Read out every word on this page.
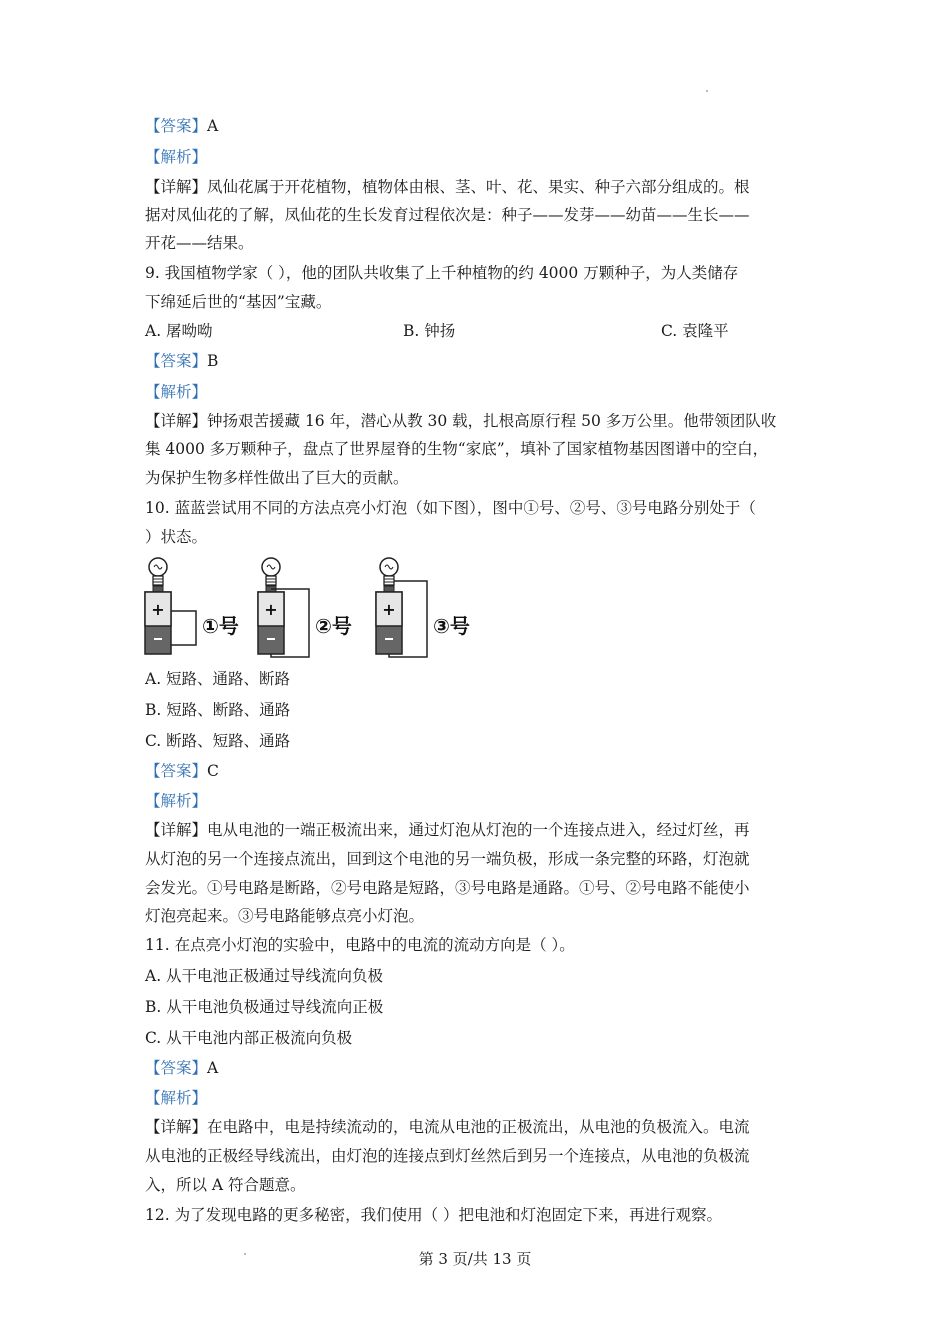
【答案】A
【解析】
【详解】凤仙花属于开花植物，植物体由根、茎、叶、花、果实、种子六部分组成的。根
据对凤仙花的了解，凤仙花的生长发育过程依次是：种子——发芽——幼苗——生长——
开花——结果。
9. 我国植物学家（ ），他的团队共收集了上千种植物的约 4000 万颗种子，为人类储存
下绵延后世的“基因”宝藏。
A. 屠呦呦	B. 钟扬	C. 袁隆平
【答案】B
【解析】
【详解】钟扬艰苦援藏 16 年，潜心从教 30 载，扎根高原行程 50 多万公里。他带领团队收
集 4000 多万颗种子，盘点了世界屋脊的生物“家底”，填补了国家植物基因图谱中的空白，
为保护生物多样性做出了巨大的贡献。
10. 蓝蓝尝试用不同的方法点亮小灯泡（如下图），图中①号、②号、③号电路分别处于（
）状态。
+
①号
+
②号
+
③号
A. 短路、通路、断路
B. 短路、断路、通路
C. 断路、短路、通路
【答案】C
【解析】
【详解】电从电池的一端正极流出来，通过灯泡从灯泡的一个连接点进入，经过灯丝，再
从灯泡的另一个连接点流出，回到这个电池的另一端负极，形成一条完整的环路，灯泡就
会发光。①号电路是断路，②号电路是短路，③号电路是通路。①号、②号电路不能使小
灯泡亮起来。③号电路能够点亮小灯泡。
11. 在点亮小灯泡的实验中，电路中的电流的流动方向是（ ）。
A. 从干电池正极通过导线流向负极
B. 从干电池负极通过导线流向正极
C. 从干电池内部正极流向负极
【答案】A
【解析】
【详解】在电路中，电是持续流动的，电流从电池的正极流出，从电池的负极流入。电流
从电池的正极经导线流出，由灯泡的连接点到灯丝然后到另一个连接点，从电池的负极流
入，所以 A 符合题意。
12. 为了发现电路的更多秘密，我们使用（ ）把电池和灯泡固定下来，再进行观察。
第 3 页/共 13 页
